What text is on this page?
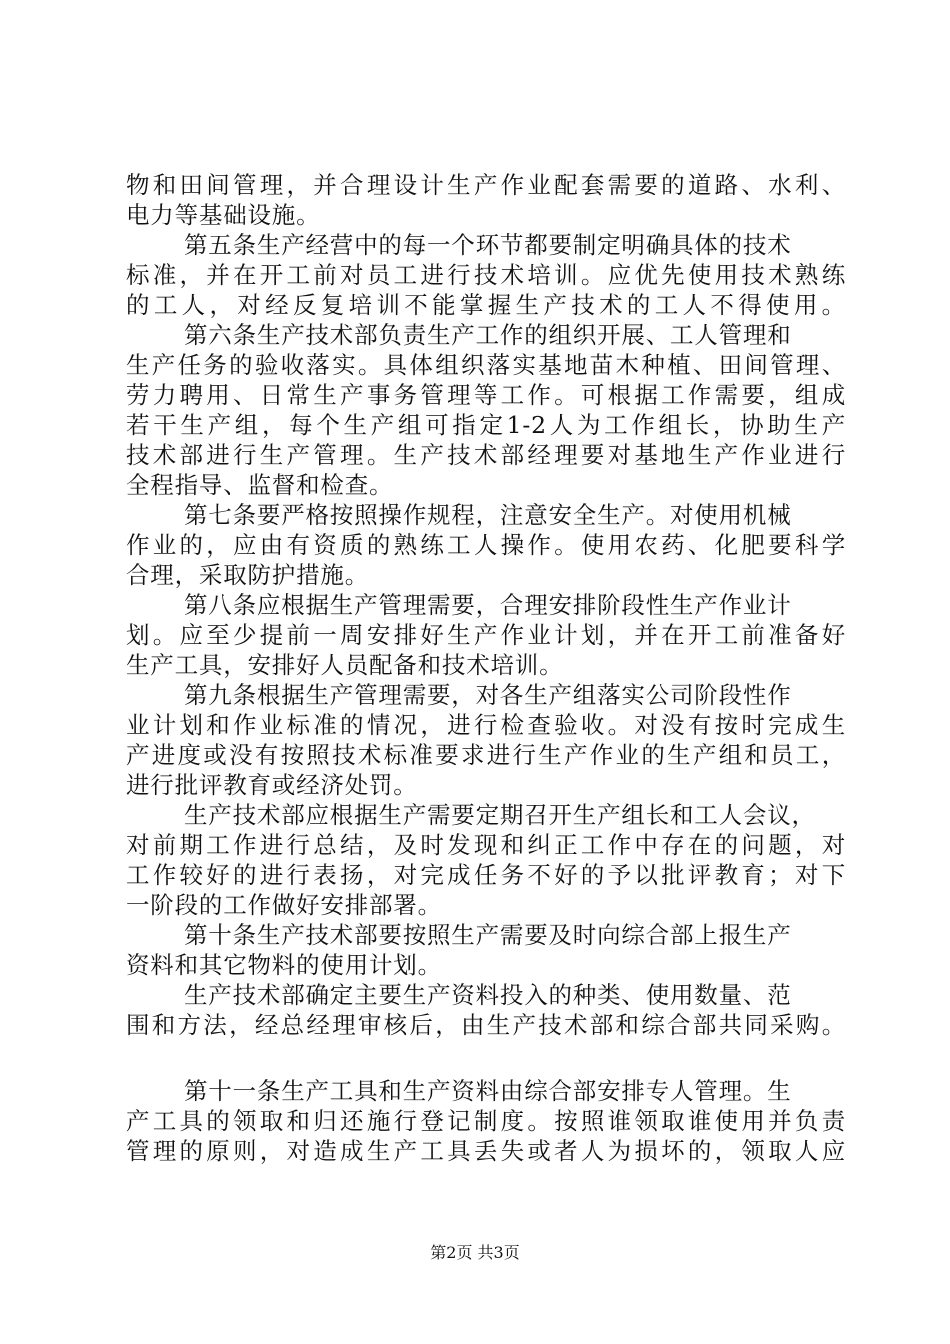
物和田间管理，并合理设计生产作业配套需要的道路、水利、
电力等基础设施。
第五条生产经营中的每一个环节都要制定明确具体的技术
标准，并在开工前对员工进行技术培训。应优先使用技术熟练
的工人，对经反复培训不能掌握生产技术的工人不得使用。
第六条生产技术部负责生产工作的组织开展、工人管理和
生产任务的验收落实。具体组织落实基地苗木种植、田间管理、
劳力聘用、日常生产事务管理等工作。可根据工作需要，组成
若干生产组，每个生产组可指定1-2人为工作组长，协助生产
技术部进行生产管理。生产技术部经理要对基地生产作业进行
全程指导、监督和检查。
第七条要严格按照操作规程，注意安全生产。对使用机械
作业的，应由有资质的熟练工人操作。使用农药、化肥要科学
合理，采取防护措施。
第八条应根据生产管理需要，合理安排阶段性生产作业计
划。应至少提前一周安排好生产作业计划，并在开工前准备好
生产工具，安排好人员配备和技术培训。
第九条根据生产管理需要，对各生产组落实公司阶段性作
业计划和作业标准的情况，进行检查验收。对没有按时完成生
产进度或没有按照技术标准要求进行生产作业的生产组和员工，
进行批评教育或经济处罚。
生产技术部应根据生产需要定期召开生产组长和工人会议，
对前期工作进行总结，及时发现和纠正工作中存在的问题，对
工作较好的进行表扬，对完成任务不好的予以批评教育；对下
一阶段的工作做好安排部署。
第十条生产技术部要按照生产需要及时向综合部上报生产
资料和其它物料的使用计划。
生产技术部确定主要生产资料投入的种类、使用数量、范
围和方法，经总经理审核后，由生产技术部和综合部共同采购。
第十一条生产工具和生产资料由综合部安排专人管理。生
产工具的领取和归还施行登记制度。按照谁领取谁使用并负责
管理的原则，对造成生产工具丢失或者人为损坏的，领取人应
第2页 共3页
